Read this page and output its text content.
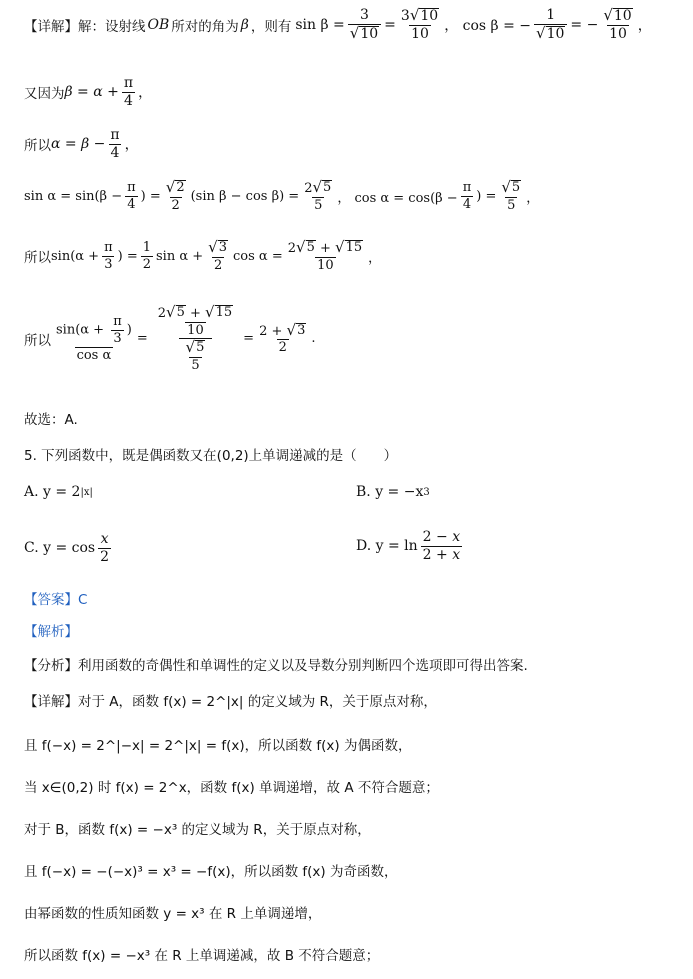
【详解】 解：设射线 OB 所对的角为 β ，则有 $\sin \beta = \frac{3}{√ 10} = \frac{3 √ 10}{10}$ ， cos β = − $\frac{1}{√ 10}$ = − $\frac{√ 10}{10}$ ，
又因为 $\beta = \alpha + \frac{\pi}{4}$ ，
所以 $\alpha = \beta - \frac{\pi}{4}$ ，
$\sin \alpha = \sin(\beta - \frac{\pi}{4}$ ) = $\frac{√ 2}{2} (\sin$ $\beta - \cos \beta) = \frac{2 √ 5}{5}$ ， $\cos \alpha = \cos(\beta - \frac{\pi}{4}$ ) = $\frac{√ 5}{5}$ ，
所以 $\sin(\alpha + \frac{\pi}{3}$ ) = $\frac{1}{2}$ $\sin \alpha + \frac{√ 3}{2}$ $\cos \alpha = \frac{2 √ 5 + √ 15}{10}$ ，
所以 $\frac{\sin(\alpha + \frac{\pi}{3} )}{\text{cos α}} = \frac{\frac{2 √ 5 + √ 15}{10}}{\frac{√ 5}{5}} = \frac{2 + √ 3}{2}$ .
故选：A.
5. 下列函数中，既是偶函数又在(0,2)上单调递减的是（　　）
A. y = 2 |x|	B. y = −x 3
C. $y = \cos \frac{x}{2}$	D. $y = \ln \frac{2 - x}{2 + x}$
【答案】C
【解析】
【分析】利用函数的奇偶性和单调性的定义以及导数分别判断四个选项即可得出答案.
【详解】对于 A，函数 f(x) = 2^|x| 的定义域为 R，关于原点对称，
且 f(−x) = 2^|−x| = 2^|x| = f(x)，所以函数 f(x) 为偶函数，
当 x∈(0,2) 时 f(x) = 2^x，函数 f(x) 单调递增，故 A 不符合题意；
对于 B，函数 f(x) = −x³ 的定义域为 R，关于原点对称，
且 f(−x) = −(−x)³ = x³ = −f(x)，所以函数 f(x) 为奇函数，
由幂函数的性质知函数 y = x³ 在 R 上单调递增，
所以函数 f(x) = −x³ 在 R 上单调递减，故 B 不符合题意；
